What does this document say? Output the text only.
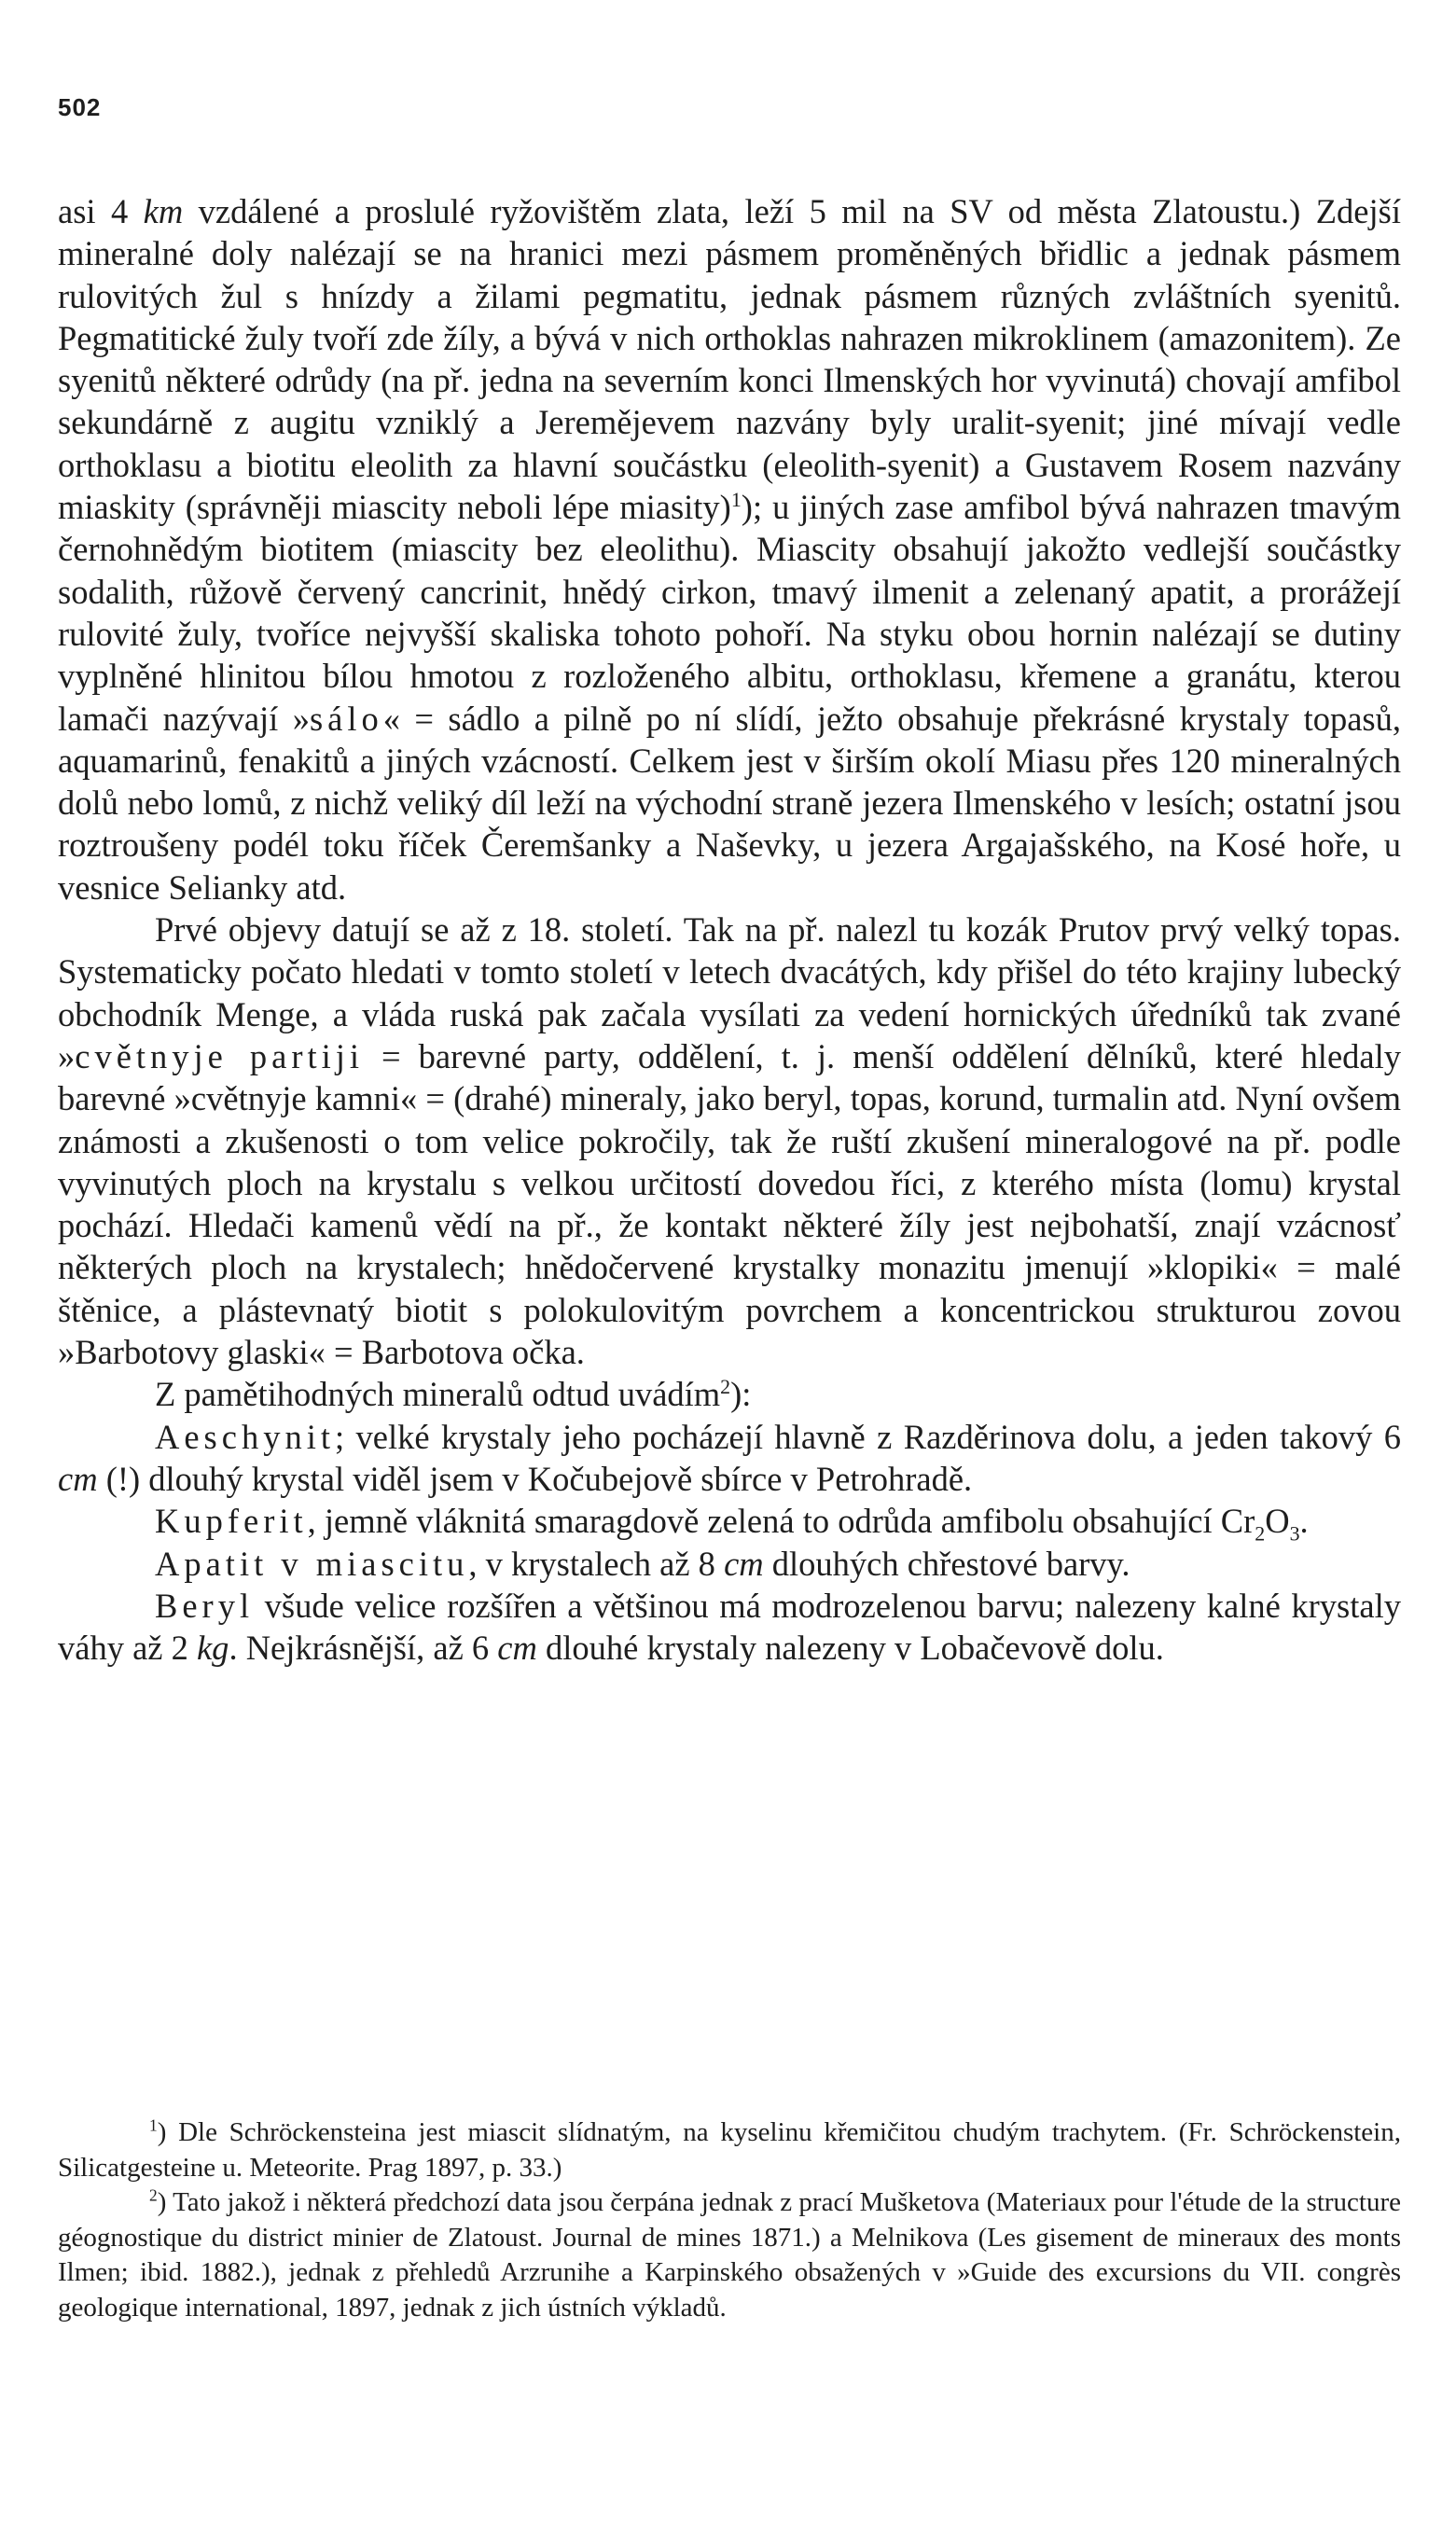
502

asi 4 km vzdálené a proslulé ryžovištěm zlata, leží 5 mil na SV od města Zlatoustu.) Zdejší mineralné doly nalézají se na hranici mezi pásmem proměněných břidlic a jednak pásmem rulovitých žul s hnízdy a žilami pegmatitu, jednak pásmem různých zvláštních syenitů. Pegmatitické žuly tvoří zde žíly, a bývá v nich orthoklas nahrazen mikroklinem (amazonitem). Ze syenitů některé odrůdy (na př. jedna na severním konci Ilmenských hor vyvinutá) chovají amfibol sekundárně z augitu vzniklý a Jeremějevem nazvány byly uralit-syenit; jiné mívají vedle orthoklasu a biotitu eleolith za hlavní součástku (eleolith-syenit) a Gustavem Rosem nazvány miaskity (správněji miascity neboli lépe miasity)$^1$); u jiných zase amfibol bývá nahrazen tmavým černohnědým biotitem (miascity bez eleolithu). Miascity obsahují jakožto vedlejší součástky sodalith, růžově červený cancrinit, hnědý cirkon, tmavý ilmenit a zelenaný apatit, a prorážejí rulovité žuly, tvoříce nejvyšší skaliska tohoto pohoří. Na styku obou hornin nalézají se dutiny vyplněné hlinitou bílou hmotou z rozloženého albitu, orthoklasu, křemene a granátu, kterou lamači nazývají »sálo« = sádlo a pilně po ní slídí, ježto obsahuje překrásné krystaly topasů, aquamarinů, fenakitů a jiných vzácností. Celkem jest v širším okolí Miasu přes 120 mineralných dolů nebo lomů, z nichž veliký díl leží na východní straně jezera Ilmenského v lesích; ostatní jsou roztroušeny podél toku říček Čeremšanky a Naševky, u jezera Argajašského, na Kosé hoře, u vesnice Selianky atd.

Prvé objevy datují se až z 18. století. Tak na př. nalezl tu kozák Prutov prvý velký topas. Systematicky počato hledati v tomto století v letech dvacátých, kdy přišel do této krajiny lubecký obchodník Menge, a vláda ruská pak začala vysílati za vedení hornických úředníků tak zvané »cvětnyje partiji = barevné party, oddělení, t. j. menší oddělení dělníků, které hledaly barevné »cvětnyje kamni« = (drahé) mineraly, jako beryl, topas, korund, turmalin atd. Nyní ovšem známosti a zkušenosti o tom velice pokročily, tak že ruští zkušení mineralogové na př. podle vyvinutých ploch na krystalu s velkou určitostí dovedou říci, z kterého místa (lomu) krystal pochází. Hledači kamenů vědí na př., že kontakt některé žíly jest nejbohatší, znají vzácnosť některých ploch na krystalech; hnědočervené krystalky monazitu jmenují »klopiki« = malé štěnice, a plástevnatý biotit s polokulovitým povrchem a koncentrickou strukturou zovou »Barbotovy glaski« = Barbotova očka.

Z pamětihodných mineralů odtud uvádím$^2$):

Aeschynit; velké krystaly jeho pocházejí hlavně z Razděrinova dolu, a jeden takový 6 cm (!) dlouhý krystal viděl jsem v Kočubejově sbírce v Petrohradě.

Kupferit, jemně vláknitá smaragdově zelená to odrůda amfibolu obsahující $Cr_2O_3$.

Apatit v miascitu, v krystalech až 8 cm dlouhých chřestové barvy.

Beryl všude velice rozšířen a většinou má modrozelenou barvu; nalezeny kalné krystaly váhy až 2 kg. Nejkrásnější, až 6 cm dlouhé krystaly nalezeny v Lobačevově dolu.

$^1$) Dle Schröckensteina jest miascit slídnatým, na kyselinu křemičitou chudým trachytem. (Fr. Schröckenstein, Silicatgesteine u. Meteorite. Prag 1897, p. 33.)

$^2$) Tato jakož i některá předchozí data jsou čerpána jednak z prací Mušketova (Materiaux pour l'étude de la structure géognostique du district minier de Zlatoust. Journal de mines 1871.) a Melnikova (Les gisement de mineraux des monts Ilmen; ibid. 1882.), jednak z přehledů Arzrunihe a Karpinského obsažených v »Guide des excursions du VII. congrès geologique international, 1897, jednak z jich ústních výkladů.
